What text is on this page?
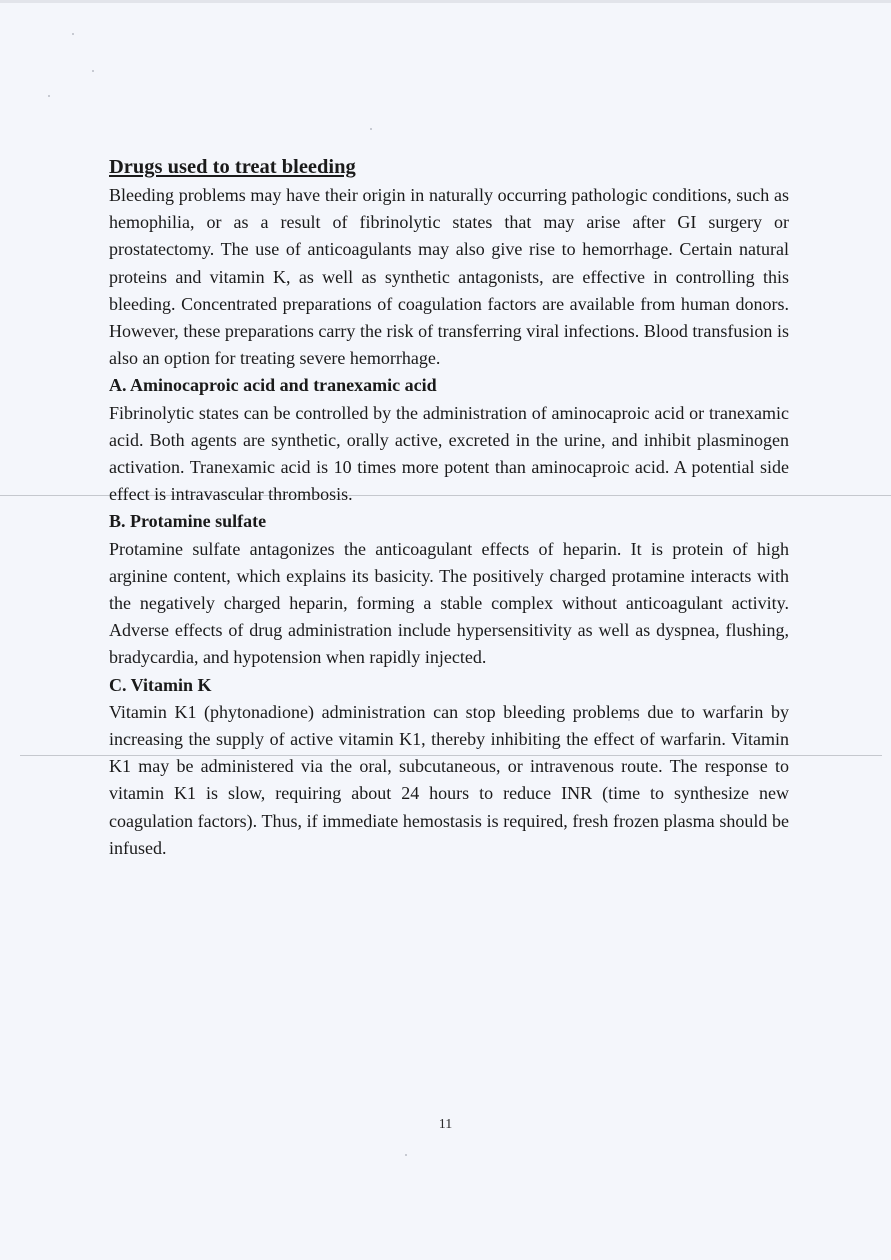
Drugs used to treat bleeding

Bleeding problems may have their origin in naturally occurring pathologic conditions, such as hemophilia, or as a result of fibrinolytic states that may arise after GI surgery or prostatectomy. The use of anticoagulants may also give rise to hemorrhage. Certain natural proteins and vitamin K, as well as synthetic antagonists, are effective in controlling this bleeding. Concentrated preparations of coagulation factors are available from human donors. However, these preparations carry the risk of transferring viral infections. Blood transfusion is also an option for treating severe hemorrhage.

A. Aminocaproic acid and tranexamic acid

Fibrinolytic states can be controlled by the administration of aminocaproic acid or tranexamic acid. Both agents are synthetic, orally active, excreted in the urine, and inhibit plasminogen activation. Tranexamic acid is 10 times more potent than aminocaproic acid. A potential side effect is intravascular thrombosis.

B. Protamine sulfate

Protamine sulfate antagonizes the anticoagulant effects of heparin. It is protein of high arginine content, which explains its basicity. The positively charged protamine interacts with the negatively charged heparin, forming a stable complex without anticoagulant activity. Adverse effects of drug administration include hypersensitivity as well as dyspnea, flushing, bradycardia, and hypotension when rapidly injected.

C. Vitamin K

Vitamin K1 (phytonadione) administration can stop bleeding problems due to warfarin by increasing the supply of active vitamin K1, thereby inhibiting the effect of warfarin. Vitamin K1 may be administered via the oral, subcutaneous, or intravenous route. The response to vitamin K1 is slow, requiring about 24 hours to reduce INR (time to synthesize new coagulation factors). Thus, if immediate hemostasis is required, fresh frozen plasma should be infused.

11
